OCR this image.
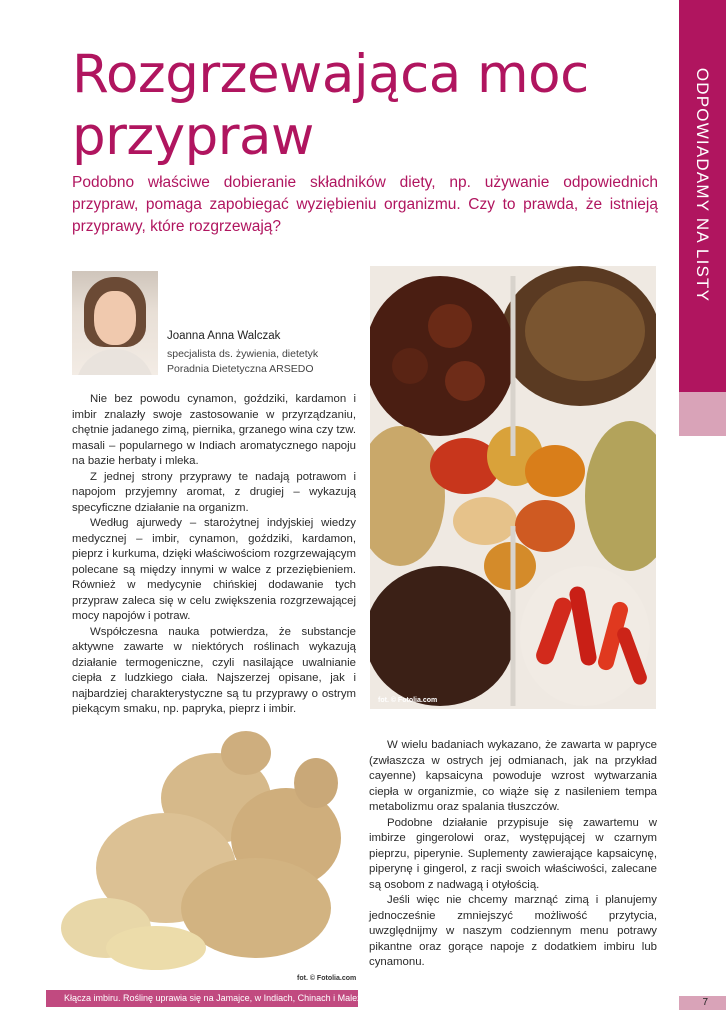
Rozgrzewająca moc przypraw

Podobno właściwe dobieranie składników diety, np. używanie odpowiednich przypraw, pomaga zapobiegać wyziębieniu organizmu. Czy to prawda, że istnieją przyprawy, które rozgrzewają?	ODPOWIADAMY NA LISTY
Joanna Anna Walczak
specjalista ds. żywienia, dietetyk
Poradnia Dietetyczna ARSEDO

Nie bez powodu cynamon, goździki, kardamon i imbir znalazły swoje zastosowanie w przyrządzaniu, chętnie jadanego zimą, piernika, grzanego wina czy tzw. masali – popularnego w Indiach aromatycznego napoju na bazie herbaty i mleka.

Z jednej strony przyprawy te nadają potrawom i napojom przyjemny aromat, z drugiej – wykazują specyficzne działanie na organizm.

Według ajurwedy – starożytnej indyjskiej wiedzy medycznej – imbir, cynamon, goździki, kardamon, pieprz i kurkuma, dzięki właściwościom rozgrzewającym polecane są między innymi w walce z przeziębieniem. Również w medycynie chińskiej dodawanie tych przypraw zaleca się w celu zwiększenia rozgrzewającej mocy napojów i potraw.

Współczesna nauka potwierdza, że substancje aktywne zawarte w niektórych roślinach wykazują działanie termogeniczne, czyli nasilające uwalnianie ciepła z ludzkiego ciała. Najszerzej opisane, jak i najbardziej charakterystyczne są tu przyprawy o ostrym piekącym smaku, np. papryka, pieprz i imbir.

fot. © Fotolia.com
fot. © Fotolia.com
Kłącza imbiru. Roślinę uprawia się na Jamajce, w Indiach, Chinach i Malezji.

W wielu badaniach wykazano, że zawarta w papryce (zwłaszcza w ostrych jej odmianach, jak na przykład cayenne) kapsaicyna powoduje wzrost wytwarzania ciepła w organizmie, co wiąże się z nasileniem tempa metabolizmu oraz spalania tłuszczów.

Podobne działanie przypisuje się zawartemu w imbirze gingerolowi oraz, występującej w czarnym pieprzu, piperynie. Suplementy zawierające kapsaicynę, piperynę i gingerol, z racji swoich właściwości, zalecane są osobom z nadwagą i otyłością.

Jeśli więc nie chcemy marznąć zimą i planujemy jednocześnie zmniejszyć możliwość przytycia, uwzględnijmy w naszym codziennym menu potrawy pikantne oraz gorące napoje z dodatkiem imbiru lub cynamonu.

7
